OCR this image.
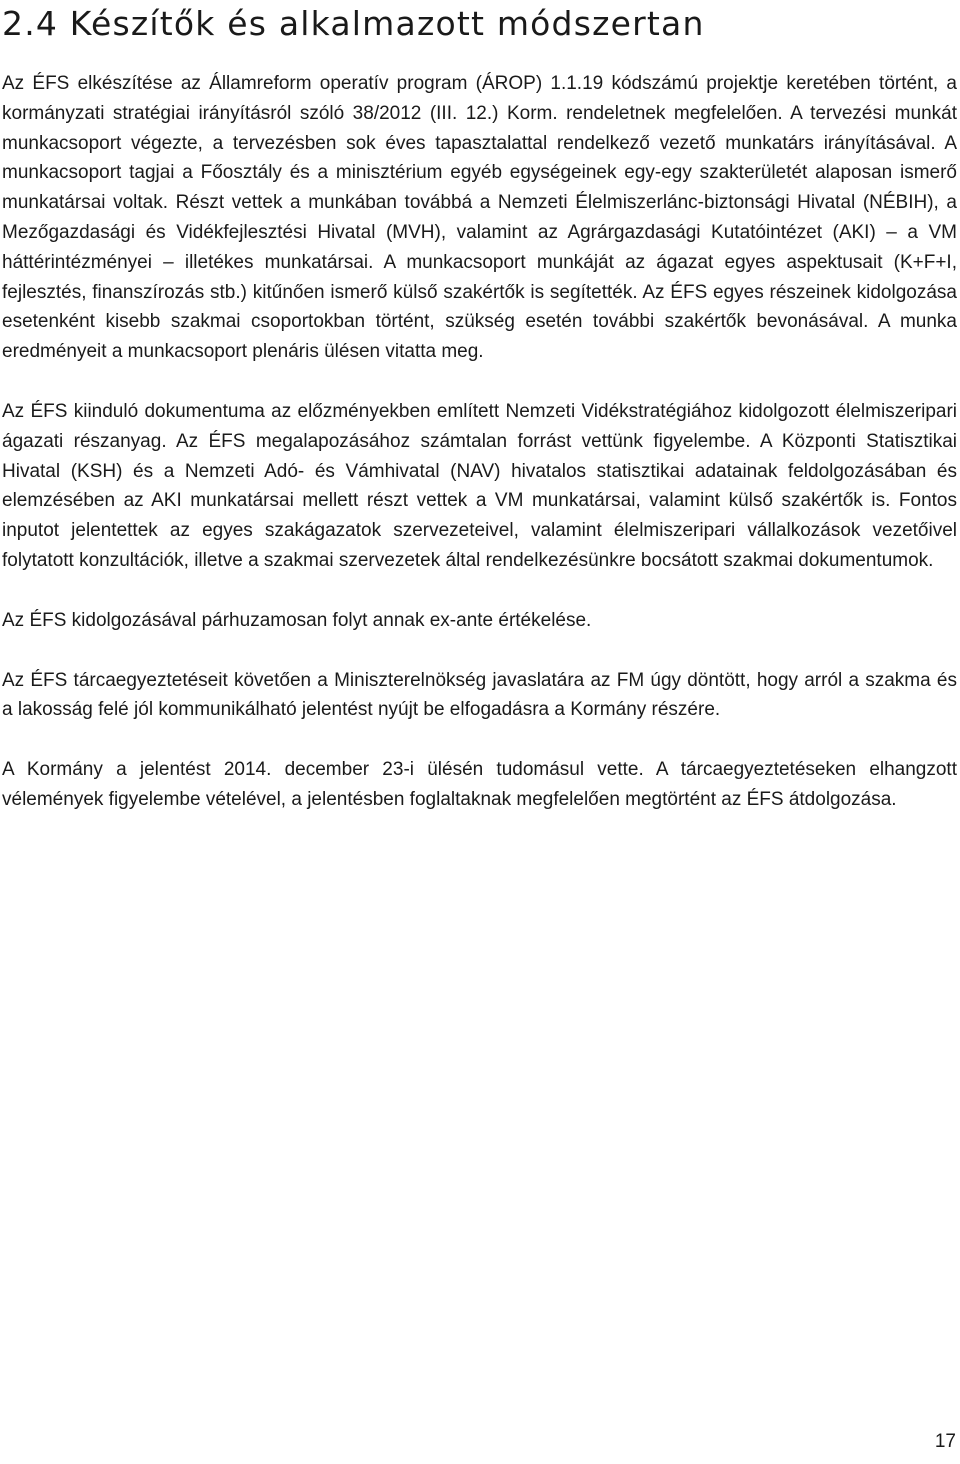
2.4 Készítők és alkalmazott módszertan

Az ÉFS elkészítése az Államreform operatív program (ÁROP) 1.1.19 kódszámú projektje keretében történt, a kormányzati stratégiai irányításról szóló 38/2012 (III. 12.) Korm. rendeletnek megfelelően. A tervezési munkát munkacsoport végezte, a tervezésben sok éves tapasztalattal rendelkező vezető munkatárs irányításával. A munkacsoport tagjai a Főosztály és a minisztérium egyéb egységeinek egy-egy szakterületét alaposan ismerő munkatársai voltak. Részt vettek a munkában továbbá a Nemzeti Élelmiszerlánc-biztonsági Hivatal (NÉBIH), a Mezőgazdasági és Vidékfejlesztési Hivatal (MVH), valamint az Agrárgazdasági Kutatóintézet (AKI) – a VM háttérintézményei – illetékes munkatársai. A munkacsoport munkáját az ágazat egyes aspektusait (K+F+I, fejlesztés, finanszírozás stb.) kitűnően ismerő külső szakértők is segítették. Az ÉFS egyes részeinek kidolgozása esetenként kisebb szakmai csoportokban történt, szükség esetén további szakértők bevonásával. A munka eredményeit a munkacsoport plenáris ülésen vitatta meg.

Az ÉFS kiinduló dokumentuma az előzményekben említett Nemzeti Vidékstratégiához kidolgozott élelmiszeripari ágazati részanyag. Az ÉFS megalapozásához számtalan forrást vettünk figyelembe. A Központi Statisztikai Hivatal (KSH) és a Nemzeti Adó- és Vámhivatal (NAV) hivatalos statisztikai adatainak feldolgozásában és elemzésében az AKI munkatársai mellett részt vettek a VM munkatársai, valamint külső szakértők is. Fontos inputot jelentettek az egyes szakágazatok szervezeteivel, valamint élelmiszeripari vállalkozások vezetőivel folytatott konzultációk, illetve a szakmai szervezetek által rendelkezésünkre bocsátott szakmai dokumentumok.

Az ÉFS kidolgozásával párhuzamosan folyt annak ex-ante értékelése.

Az ÉFS tárcaegyeztetéseit követően a Miniszterelnökség javaslatára az FM úgy döntött, hogy arról a szakma és a lakosság felé jól kommunikálható jelentést nyújt be elfogadásra a Kormány részére.

A Kormány a jelentést 2014. december 23-i ülésén tudomásul vette. A tárcaegyeztetéseken elhangzott vélemények figyelembe vételével, a jelentésben foglaltaknak megfelelően megtörtént az ÉFS átdolgozása.

17
